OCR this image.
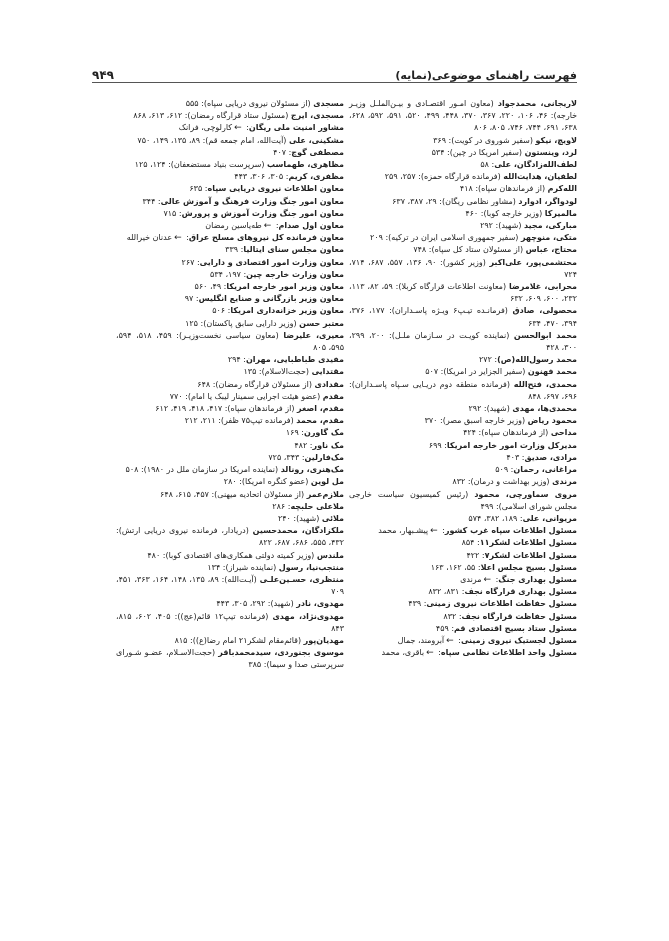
فهرست راهنمای موضوعی(نمایه)
۹۴۹
لاریجانی، محمدجواد (معاون امـور اقتصـادی و بیـن‌الملـل وزیـر خارجه): ۴۶، ۱۰۶، ۲۲۰، ۳۶۷، ۳۷۰، ۴۴۸، ۴۹۹، ۵۲۰، ۵۹۱، ۵۹۲، ۶۲۸، ۶۳۸، ۶۹۱، ۷۴۴، ۷۴۶، ۸۰۵، ۸۰۶
لاویچ، نیکو (سفیر شوروی در کویت): ۳۶۹
لرد، وینستون (سفیر امریکا در چین): ۵۳۴
لطف‌الله‌زادگان، علی: ۵۸
لطفیان، هدایت‌الله (فرمانده قرارگاه حمزه): ۲۵۷، ۲۵۹
الله‌کرم (از فرماندهان سپاه): ۴۱۸
لودواگر، ادوارد (مشاور نظامی ریگان): ۲۹، ۳۸۷، ۶۳۷
مالمیرکا (وزیر خارجه کوبا): ۴۶۰
مبارکی، مجید (شهید): ۲۹۲
متکی، منوچهر (سفیر جمهوری اسلامی ایران در ترکیه): ۲۰۹
محتاج، عباس (از مسئولان ستاد کل سپاه): ۷۴۸
محتشمی‌پور، علی‌اکبر (وزیر کشور): ۹۰، ۱۳۶، ۵۵۷، ۶۸۷، ۷۱۴، ۷۲۴
محرابی، غلامرضا (معاونت اطلاعات قرارگاه کربلا): ۵۹، ۸۲، ۱۱۳، ۲۳۲، ۶۰۰، ۶۰۹، ۶۳۲
محصولی، صادق (فرمانـده تیـپ۶ ویـژه پاسـداران): ۱۷۷، ۳۷۶، ۳۹۴، ۴۷۰، ۶۳۴
محمد ابوالحسن (نماینده کویـت در سـازمان ملـل): ۲۰۰، ۲۹۹، ۳۰۰، ۴۲۸
محمد رسول‌الله(ص): ۲۷۲
محمد فهنون (سفیر الجزایر در امریکا): ۵۰۷
محمدی، فتح‌الله (فرمانده منطقه دوم دریـایی سـپاه پاسـداران): ۶۹۶، ۶۹۷، ۸۴۸
محمدی‌ها، مهدی (شهید): ۲۹۲
محمود ریاض (وزیر خارجه اسبق مصر): ۳۷۰
مداحی (از فرماندهان سپاه): ۴۲۴
مدیرکل وزارت امور خارجه امریکا: ۶۹۹
مرادی، صدیق: ۴۰۳
مراغانی، رحمان: ۵۰۹
مرندی (وزیر بهداشت و درمان): ۸۳۲
مروی سماورچی، محمود (رئیس کمیسیون سیاست خارجی مجلس شورای اسلامی): ۴۹۹
مریوانی، علی: ۱۸۹، ۳۸۲، ۵۷۴
مسئول اطلاعات سپاه غرب کشور: ←پیشـبهار، محمد
مسئول اطلاعات لشکر۱۱: ۸۵۴
مسئول اطلاعات لشکر۷: ۴۲۲
مسئول بسیج مجلس اعلا: ۵۵، ۱۶۲، ۱۶۳
مسئول بهداری جنگ: ←مرندی
مسئول بهداری قرارگاه نجف: ۸۳۱، ۸۳۲
مسئول حفاظت اطلاعات نیروی زمینی: ۴۳۹
مسئول حفاظت قرارگاه نجف: ۸۳۲
مسئول ستاد بسیج اقتصادی قم: ۴۵۹
مسئول لجستیک نیروی زمینی: ←آبرومند، جمال
مسئول واحد اطلاعات نظامی سپاه: ←باقری، محمد
مسجدی (از مسئولان نیروی دریایی سپاه): ۵۵۵
مسجدی، ایرج (مسئول ستاد قرارگاه رمضان): ۶۱۲، ۶۱۳، ۸۶۸
مشاور امنیت ملی ریگان: ←کارلوچی، فرانک
مشکینی، علی (آیت‌الله، امام جمعه قم): ۸۹، ۱۳۵، ۱۴۹، ۷۵۰
مصطفی گوچ: ۴۰۷
مظاهری، طهماسب (سرپرست بنیاد مستضعفان): ۱۲۴، ۱۲۵
مظفری، کریم: ۳۰۵، ۳۰۶، ۴۴۳
معاون اطلاعات نیروی دریایی سپاه: ۶۳۵
معاون امور جنگ وزارت فرهنگ و آموزش عالی: ۳۴۴
معاون امور جنگ وزارت آموزش و پرورش: ۷۱۵
معاون اول صدام: ←طه‌یاسین رمضان
معاون فرمانده کل نیروهای مسلح عراق: ←عدنان خیرالله
معاون مجلس سنای ایتالیا: ۳۳۹
معاون وزارت امور اقتصادی و دارایی: ۲۶۷
معاون وزارت خارجه چین: ۱۹۷، ۵۳۴
معاون وزیر امور خارجه امریکا: ۴۹، ۵۶۰
معاون وزیر بازرگانی و صنایع انگلیس: ۹۷
معاون وزیر خزانه‌داری امریکا: ۵۰۶
معتبر حسن (وزیر دارایی سابق پاکستان): ۱۲۵
معیری، علیرضا (معاون سیاسی نخست‌وزیـر): ۴۵۹، ۵۱۸، ۵۹۴، ۵۹۵، ۸۰۵
مفیدی طباطبایی، مهران: ۲۹۴
مقتدایی (حجت‌الاسلام): ۱۳۵
مقدادی (از مسئولان قرارگاه رمضان): ۶۴۸
مقدم (عضو هیئت اجرایی سمینار لیبک یا امام): ۷۷۰
مقدم، اصغر (از فرماندهان سپاه): ۴۱۷، ۴۱۸، ۴۱۹، ۶۱۲
مقدم، محمد (فرمانده تیپ۷۵ ظفر): ۲۱۱، ۲۱۲
مک گاورن: ۱۶۹
مک ناور: ۴۸۲
مک‌فارلین: ۳۴۳، ۷۲۵
مک‌هنری، رونالد (نماینده امریکا در سازمان ملل در ۱۹۸۰): ۵۰۸
مل لوین (عضو کنگره امریکا): ۲۸۰
ملازم‌عمر (از مسئولان اتحادیه میهنی): ۴۵۷، ۶۱۵، ۶۴۸
ملاعلی حلبچه: ۲۸۶
ملائی (شهید): ۲۴۰
ملکزادگان، محمدحسین (دریادار، فرمانده نیروی دریایی ارتش): ۴۳۲، ۵۵۵، ۶۸۶، ۶۸۷، ۸۲۲
ملندس (وزیر کمیته دولتی همکاری‌های اقتصادی کوبا): ۴۸۰
منتجب‌نیا، رسول (نماینده شیراز): ۱۳۴
منتظری، حسـین‌علـی (آیـت‌الله): ۸۹، ۱۳۵، ۱۴۸، ۱۶۴، ۳۶۳، ۴۵۱، ۷۰۹
مهدوی، نادر (شهید): ۲۹۲، ۳۰۵، ۴۴۳
مهدوی‌نژاد، مهدی (فرمانده تیپ۱۲ قائم(عج)): ۴۰۵، ۶۰۲، ۸۱۵، ۸۴۳
مهدیان‌پور (قائم‌مقام لشکر۲۱ امام رضا(ع)): ۸۱۵
موسوی بجنوردی، سیدمحمدباقر (حجت‌الاسـلام، عضـو شـورای سرپرستی صدا و سیما): ۳۸۵
